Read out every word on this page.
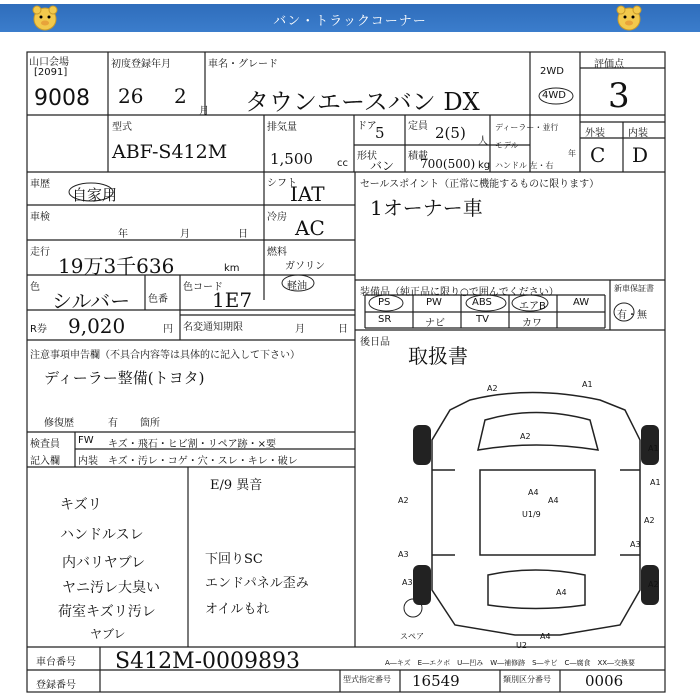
バン・トラックコーナー
山口会場
[2091]
9008
初度登録年月
26 2
月
車名・グレード
タウンエースバン DX
2WD
4WD
評価点
3
型式
ABF-S412M
排気量
1,500 cc
ドア
5 定員 2(5) 人
形状
バン
積載
700(500) kg
ディーラー・並行
モデル
年
ハンドル 左・右
外装 内装
C D
車歴
自家用
シフト
IAT	セールスポイント（正常に機能するものに限ります）
1オーナー車
車検
年	月	日
冷房 AC
走行
19万3千636	km
燃料
ガソリン
軽油
色
シルバー 色番
色コード
1E7	装備品（純正品に限り○で囲んでください）	新車保証書
有・無
PS	PW	ABS	エアB	AW
SR	ナビ	TV	カワ
R券 9,020	円 名変通知期限	月	日
後日品
取扱書
注意事項申告欄（不具合内容等は具体的に記入して下さい）
ディーラー整備(トヨタ)
修復歴	有 箇所
検査員
記入欄
FW キズ・飛石・ヒビ割・リペア跡・×要
内装 キズ・汚レ・コゲ・穴・スレ・キレ・破レ
E/9 異音
キズリ
ハンドルスレ
内バリヤブレ
ヤニ汚レ大臭い
荷室キズリ汚レ
ヤブレ
下回りSC
エンドパネル歪み
オイルもれ
A2	A1
A2
A1
A1
A4
A4
U1/9
A2
A2
A3
A3
A2
A3
A4
A4
U2
スペア
A―キズ　E―エクボ　U―凹み　W―補修跡　S―サビ　C―腐食　XX―交換要
車台番号 S412M-0009893
登録番号
型式指定番号 16549	類別区分番号 0006
